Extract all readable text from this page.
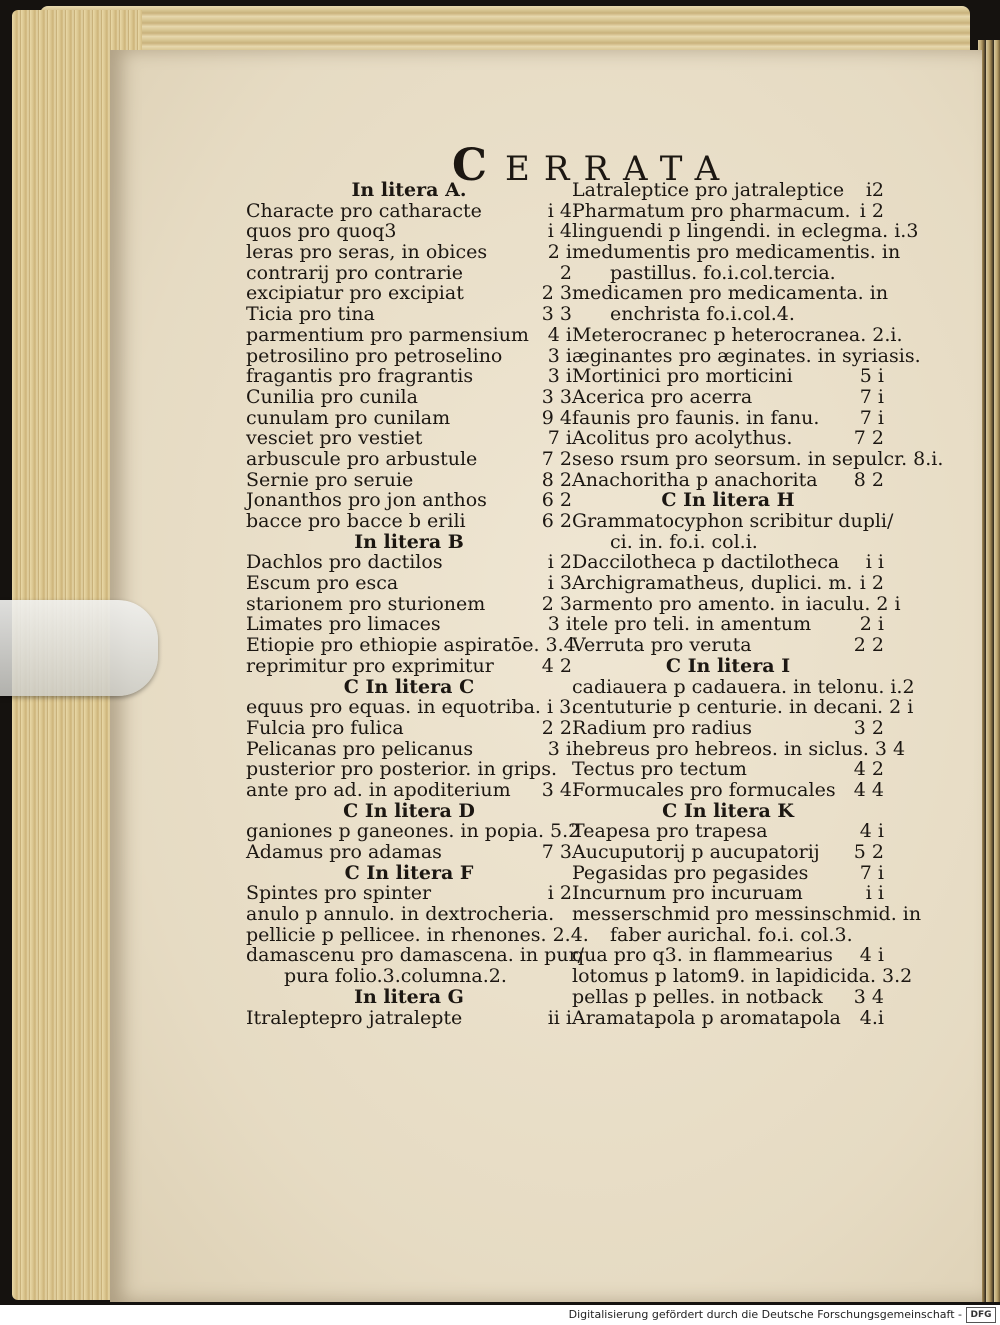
C ERRATA
In litera A.
Characte pro catharacte	i 4
quos pro quoq3	i 4
leras pro seras, in obices	2 i
contrarij pro contrarie	2
excipiatur pro excipiat	2 3
Ticia pro tina	3 3
parmentium pro parmensium 4 i
petrosilino pro petroselino	3 i
fragantis pro fragrantis	3 i
Cunilia pro cunila	3 3
cunulam pro cunilam	9 4
vesciet pro vestiet	7 i
arbuscule pro arbustule	7 2
Sernie pro seruie	8 2
Jonanthos pro jon anthos	6 2
bacce pro bacce b erili	6 2
In litera B
Dachlos pro dactilos	i 2
Escum pro esca	i 3
starionem pro sturionem	2 3
Limates pro limaces	3 i
Etiopie pro ethiopie aspiratōe. 3.4
reprimitur pro exprimitur	4 2
C In litera C
equus pro equas. in equotriba. i 3.
Fulcia pro fulica	2 2
Pelicanas pro pelicanus	3 i
pusterior pro posterior. in grips.
ante pro ad. in apoditerium	3 4
C In litera D
ganiones p ganeones. in popia. 5.2
Adamus pro adamas	7 3
C In litera F
Spintes pro spinter	i 2
anulo p annulo. in dextrocheria.
pellicie p pellicee. in rhenones. 2.4.
damascenu pro damascena. in pur/
pura folio.3.columna.2.
In litera G
Itraleptepro jatralepte	ii i
Latraleptice pro jatraleptice	i2
Pharmatum pro pharmacum. i 2
linguendi p lingendi. in eclegma. i.3
medumentis pro medicamentis. in
pastillus. fo.i.col.tercia.
medicamen pro medicamenta. in
enchrista fo.i.col.4.
Meterocranec p heterocranea. 2.i.
æginantes pro æginates. in syriasis.
Mortinici pro morticini	5 i
Acerica pro acerra	7 i
faunis pro faunis. in fanu.	7 i
Acolitus pro acolythus.	7 2
seso rsum pro seorsum. in sepulcr. 8.i.
Anachoritha p anachorita	8 2
C In litera H
Grammatocyphon scribitur dupli/
ci. in. fo.i. col.i.
Daccilotheca p dactilotheca	i i
Archigramatheus, duplici. m. i 2
armento pro amento. in iaculu. 2 i
tele pro teli. in amentum	2 i
Verruta pro veruta	2 2
C In litera I
cadiauera p cadauera. in telonu. i.2
centuturie p centurie. in decani. 2 i
Radium pro radius	3 2
hebreus pro hebreos. in siclus. 3 4
Tectus pro tectum	4 2
Formucales pro formucales 4 4
C In litera K
Teapesa pro trapesa	4 i
Aucuputorij p aucupatorij	5 2
Pegasidas pro pegasides	7 i
Incurnum pro incuruam	i i
messerschmid pro messinschmid. in
faber aurichal. fo.i. col.3.
qua pro q3. in flammearius	4 i
lotomus p latom9. in lapidicida. 3.2
pellas p pelles. in notback	3 4
Aramatapola p aromatapola 4.i
Digitalisierung gefördert durch die Deutsche Forschungsgemeinschaft - DFG
